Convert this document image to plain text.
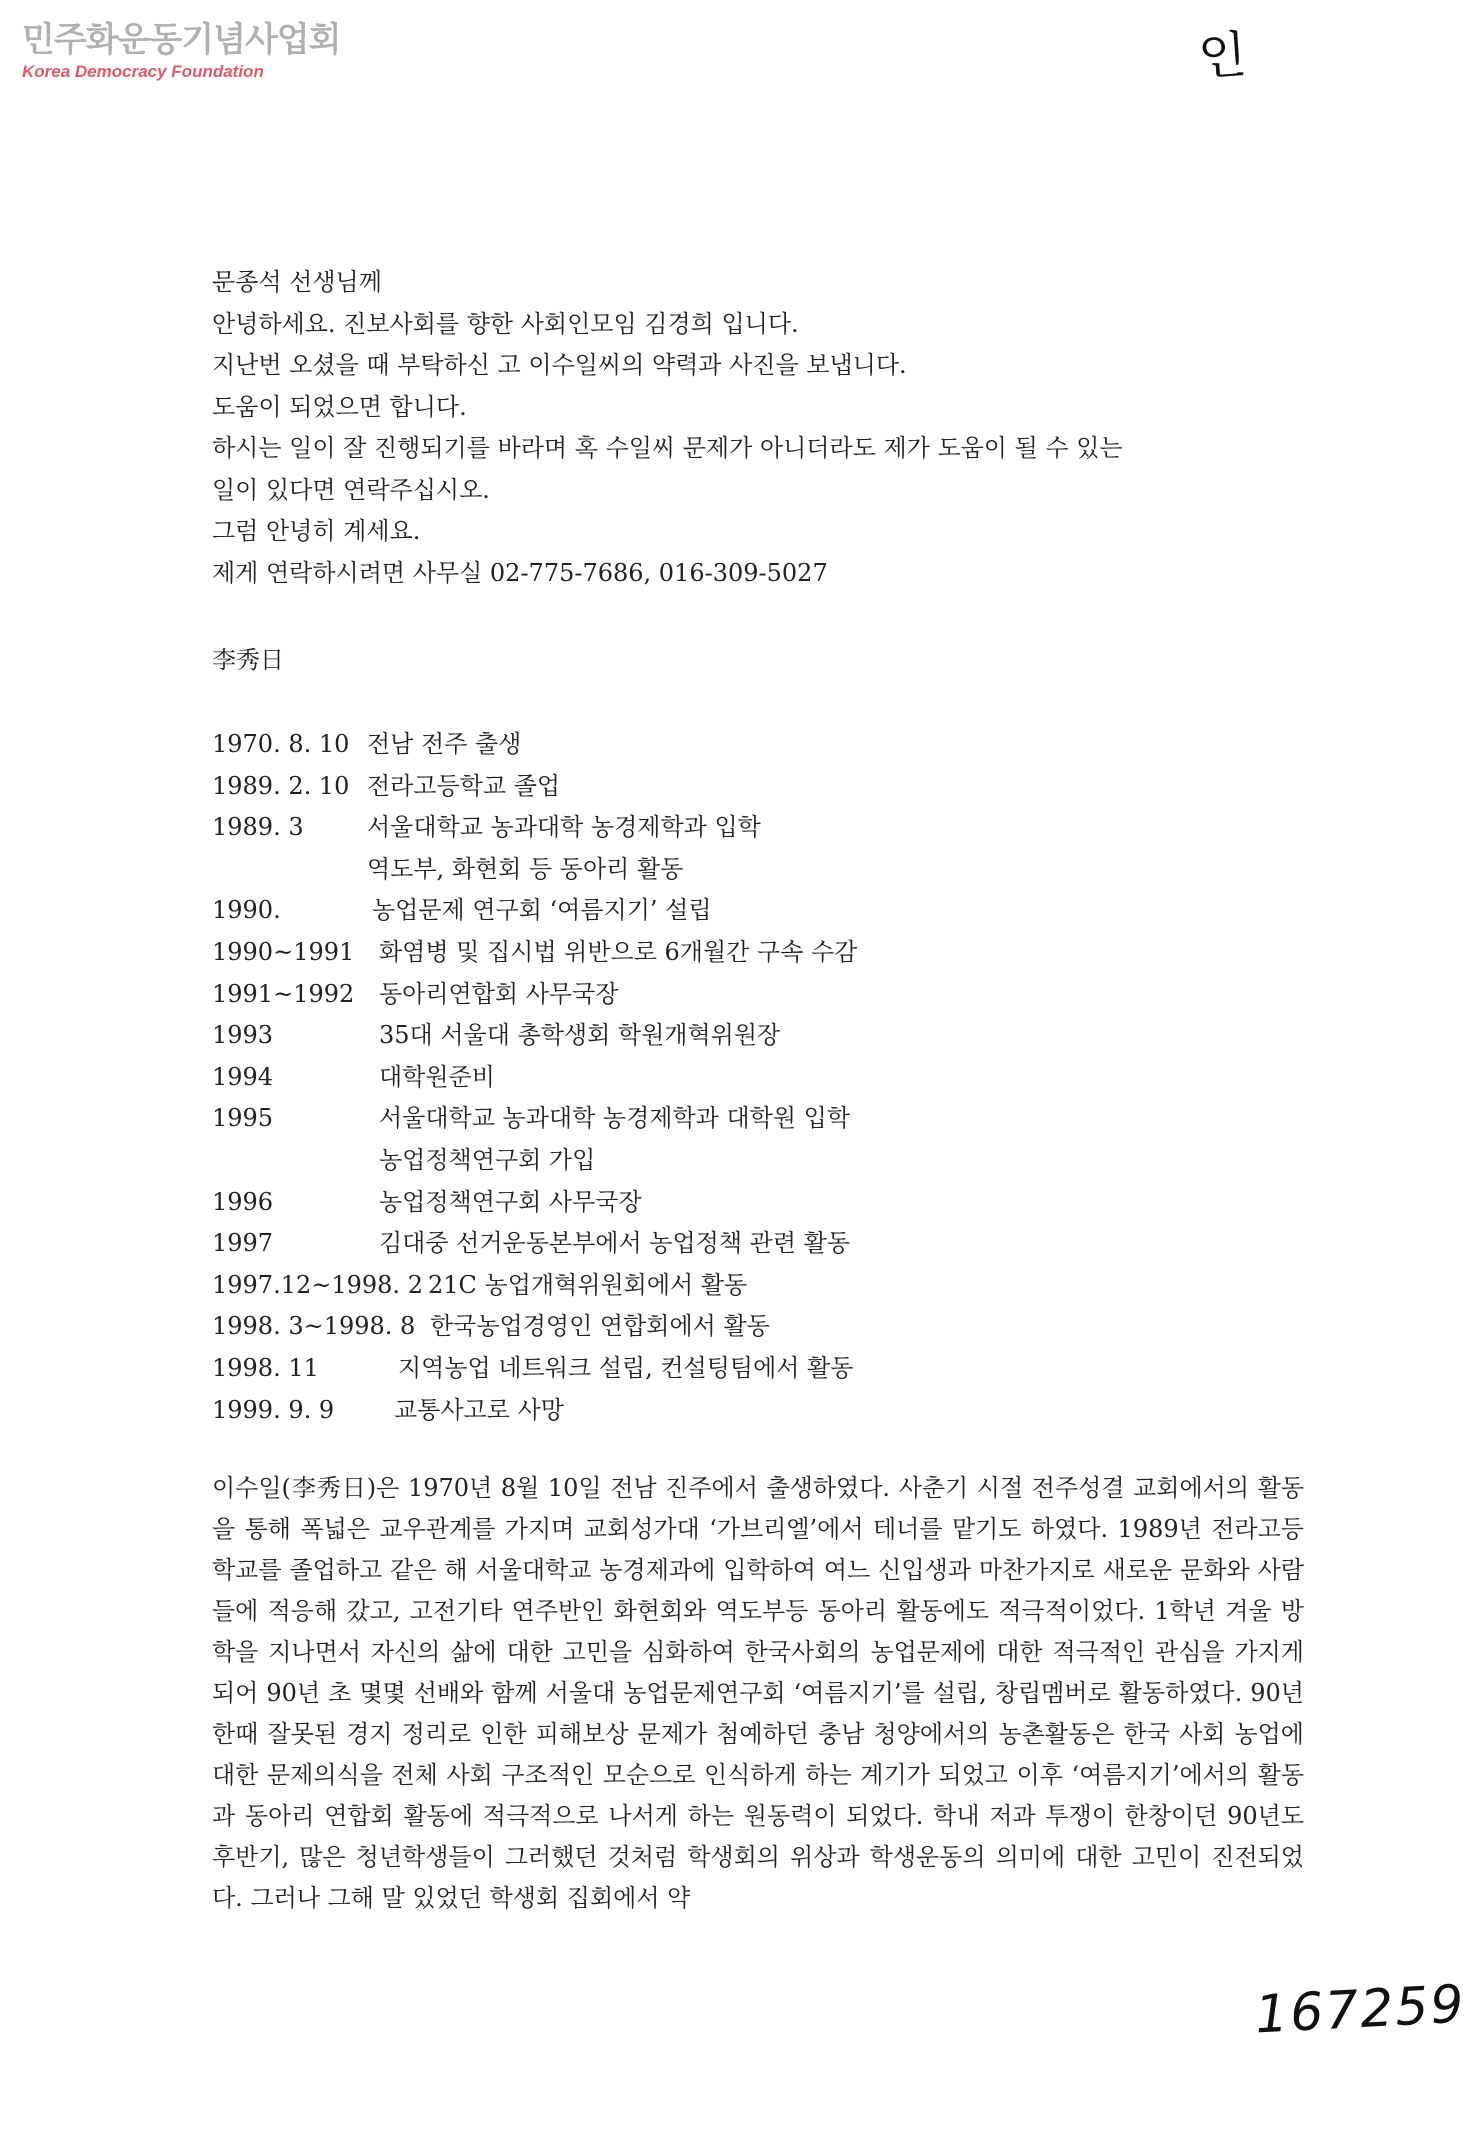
민주화운동기념사업회
Korea Democracy Foundation	인
문종석 선생님께
안녕하세요. 진보사회를 향한 사회인모임 김경희 입니다.
지난번 오셨을 때 부탁하신 고 이수일씨의 약력과 사진을 보냅니다.
도움이 되었으면 합니다.
하시는 일이 잘 진행되기를 바라며 혹 수일씨 문제가 아니더라도 제가 도움이 될 수 있는
일이 있다면 연락주십시오.
그럼 안녕히 계세요.
제게 연락하시려면 사무실 02-775-7686, 016-309-5027
李秀日
1970. 8. 10 전남 전주 출생
1989. 2. 10 전라고등학교 졸업
1989. 3	서울대학교 농과대학 농경제학과 입학
역도부, 화현회 등 동아리 활동
1990.	농업문제 연구회 ‘여름지기’ 설립
1990~1991 화염병 및 집시법 위반으로 6개월간 구속 수감
1991~1992 동아리연합회 사무국장
1993	35대 서울대 총학생회 학원개혁위원장
1994	대학원준비
1995	서울대학교 농과대학 농경제학과 대학원 입학
농업정책연구회 가입
1996	농업정책연구회 사무국장
1997	김대중 선거운동본부에서 농업정책 관련 활동
1997.12~1998. 2 21C 농업개혁위원회에서 활동
1998. 3~1998. 8 한국농업경영인 연합회에서 활동
1998. 11	지역농업 네트워크 설립, 컨설팅팀에서 활동
1999. 9. 9 교통사고로 사망
이수일(李秀日)은 1970년 8월 10일 전남 진주에서 출생하였다. 사춘기 시절 전주성결 교회에서의 활동을 통해 폭넓은 교우관계를 가지며 교회성가대 ‘가브리엘’에서 테너를 맡기도 하였다. 1989년 전라고등학교를 졸업하고 같은 해 서울대학교 농경제과에 입학하여 여느 신입생과 마찬가지로 새로운 문화와 사람들에 적응해 갔고, 고전기타 연주반인 화현회와 역도부등 동아리 활동에도 적극적이었다. 1학년 겨울 방학을 지나면서 자신의 삶에 대한 고민을 심화하여 한국사회의 농업문제에 대한 적극적인 관심을 가지게 되어 90년 초 몇몇 선배와 함께 서울대 농업문제연구회 ‘여름지기’를 설립, 창립멤버로 활동하였다. 90년 한때 잘못된 경지 정리로 인한 피해보상 문제가 첨예하던 충남 청양에서의 농촌활동은 한국 사회 농업에 대한 문제의식을 전체 사회 구조적인 모순으로 인식하게 하는 계기가 되었고 이후 ‘여름지기’에서의 활동과 동아리 연합회 활동에 적극적으로 나서게 하는 원동력이 되었다. 학내 저과 투쟁이 한창이던 90년도 후반기, 많은 청년학생들이 그러했던 것처럼 학생회의 위상과 학생운동의 의미에 대한 고민이 진전되었다. 그러나 그해 말 있었던 학생회 집회에서 약
167259
